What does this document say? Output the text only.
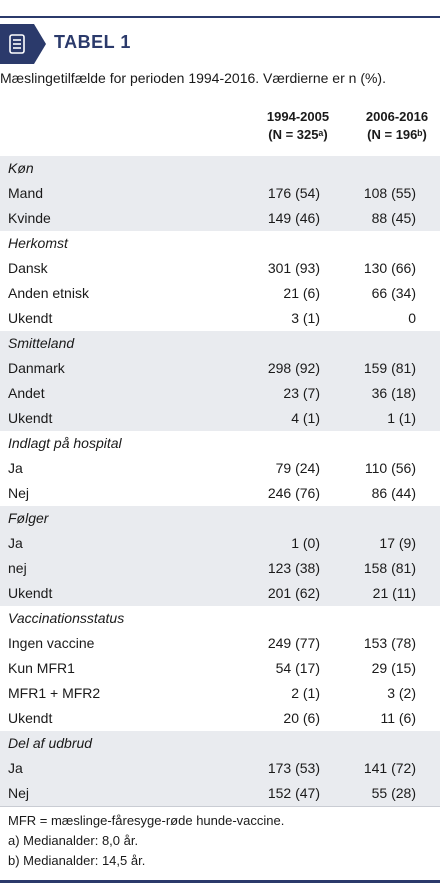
TABEL 1
Mæslingetilfælde for perioden 1994-2016. Værdierne er n (%).
1994-2005
(N = 325ᵃ)
2006-2016
(N = 196ᵇ)
Køn
Mand	176 (54)	108 (55)
Kvinde	149 (46)	88 (45)
Herkomst
Dansk	301 (93)	130 (66)
Anden etnisk	21 (6)	66 (34)
Ukendt	3 (1)	0
Smitteland
Danmark	298 (92)	159 (81)
Andet	23 (7)	36 (18)
Ukendt	4 (1)	1 (1)
Indlagt på hospital
Ja	79 (24)	110 (56)
Nej	246 (76)	86 (44)
Følger
Ja	1 (0)	17 (9)
nej	123 (38)	158 (81)
Ukendt	201 (62)	21 (11)
Vaccinationsstatus
Ingen vaccine	249 (77)	153 (78)
Kun MFR1	54 (17)	29 (15)
MFR1 + MFR2	2 (1)	3 (2)
Ukendt	20 (6)	11 (6)
Del af udbrud
Ja	173 (53)	141 (72)
Nej	152 (47)	55 (28)
MFR = mæslinge-fåresyge-røde hunde-vaccine.
a) Medianalder: 8,0 år.
b) Medianalder: 14,5 år.
